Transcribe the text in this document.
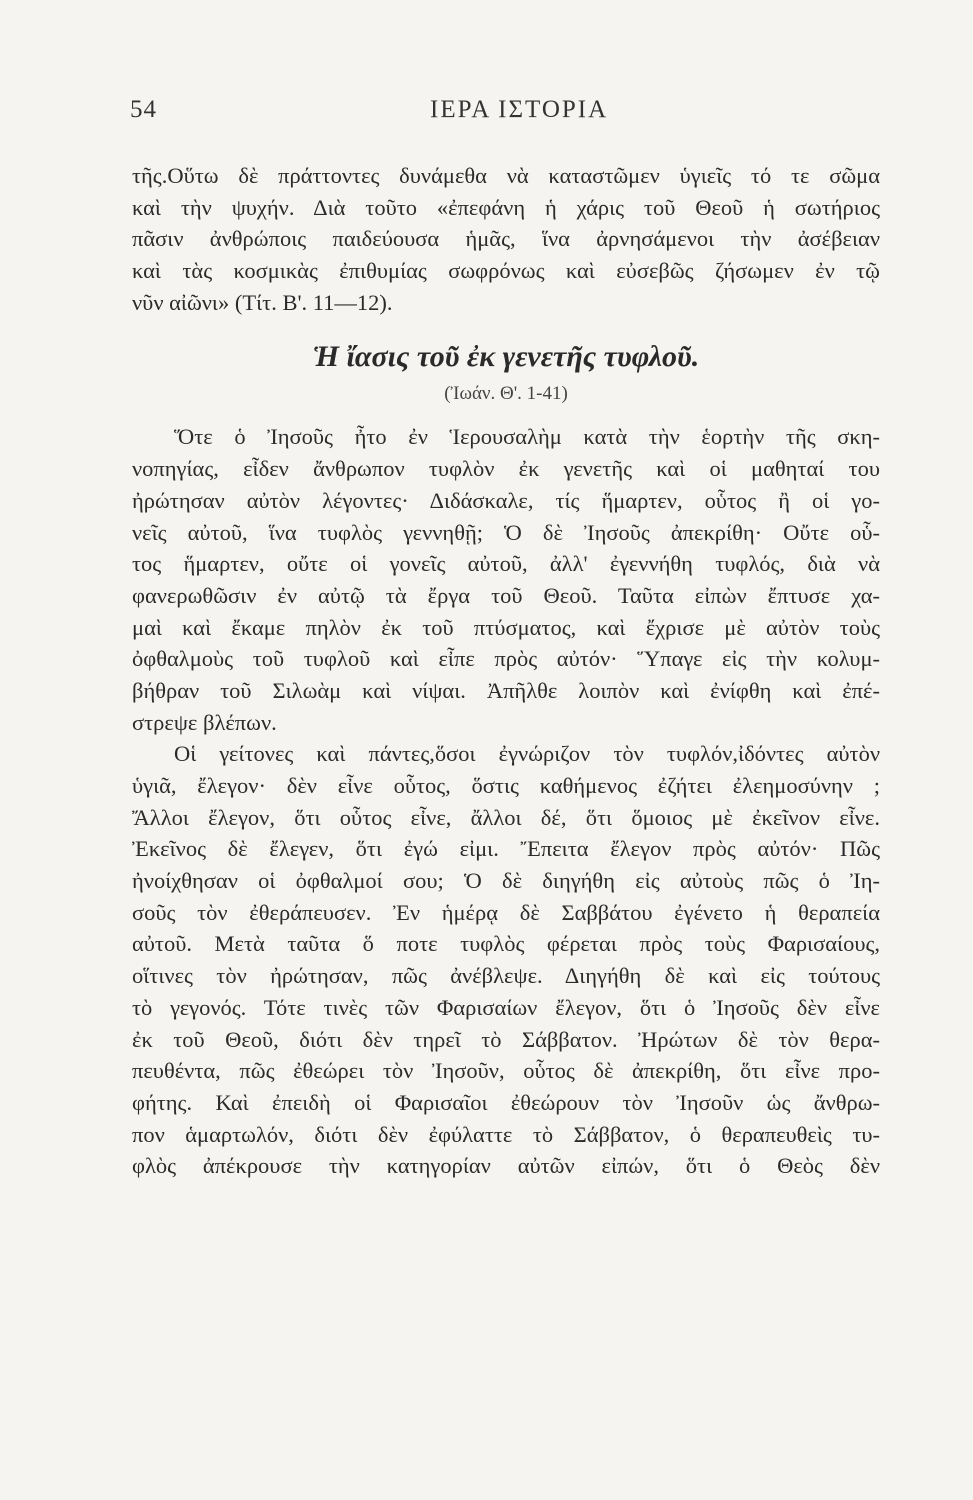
54	ΙΕΡΑ ΙΣΤΟΡΙΑ
τῆς.Οὕτω δὲ πράττοντες δυνάμεθα νὰ καταστῶμεν ὑγιεῖς τό τε σῶμα
καὶ τὴν ψυχήν. Διὰ τοῦτο «ἐπεφάνη ἡ χάρις τοῦ Θεοῦ ἡ σωτήριος
πᾶσιν ἀνθρώποις παιδεύουσα ἡμᾶς, ἵνα ἀρνησάμενοι τὴν ἀσέβειαν
καὶ τὰς κοσμικὰς ἐπιθυμίας σωφρόνως καὶ εὐσεβῶς ζήσωμεν ἐν τῷ
νῦν αἰῶνι» (Τίτ. Β'. 11—12).
Ἡ ἴασις τοῦ ἐκ γενετῆς τυφλοῦ.
(Ἰωάν. Θ'. 1-41)
Ὅτε ὁ Ἰησοῦς ἦτο ἐν Ἱερουσαλὴμ κατὰ τὴν ἑορτὴν τῆς σκη-
νοπηγίας, εἶδεν ἄνθρωπον τυφλὸν ἐκ γενετῆς καὶ οἱ μαθηταί του
ἠρώτησαν αὐτὸν λέγοντες· Διδάσκαλε, τίς ἥμαρτεν, οὗτος ἢ οἱ γο-
νεῖς αὐτοῦ, ἵνα τυφλὸς γεννηθῇ; Ὁ δὲ Ἰησοῦς ἀπεκρίθη· Οὔτε οὗ-
τος ἥμαρτεν, οὔτε οἱ γονεῖς αὐτοῦ, ἀλλ' ἐγεννήθη τυφλός, διὰ νὰ
φανερωθῶσιν ἐν αὐτῷ τὰ ἔργα τοῦ Θεοῦ. Ταῦτα εἰπὼν ἔπτυσε χα-
μαὶ καὶ ἔκαμε πηλὸν ἐκ τοῦ πτύσματος, καὶ ἔχρισε μὲ αὐτὸν τοὺς
ὀφθαλμοὺς τοῦ τυφλοῦ καὶ εἶπε πρὸς αὐτόν· Ὕπαγε εἰς τὴν κολυμ-
βήθραν τοῦ Σιλωὰμ καὶ νίψαι. Ἀπῆλθε λοιπὸν καὶ ἐνίφθη καὶ ἐπέ-
στρεψε βλέπων.
Οἱ γείτονες καὶ πάντες,ὅσοι ἐγνώριζον τὸν τυφλόν,ἰδόντες αὐτὸν
ὑγιᾶ, ἔλεγον· δὲν εἶνε οὗτος, ὅστις καθήμενος ἐζήτει ἐλεημοσύνην ;
Ἄλλοι ἔλεγον, ὅτι οὗτος εἶνε, ἄλλοι δέ, ὅτι ὅμοιος μὲ ἐκεῖνον εἶνε.
Ἐκεῖνος δὲ ἔλεγεν, ὅτι ἐγώ εἰμι. Ἔπειτα ἔλεγον πρὸς αὐτόν· Πῶς
ἠνοίχθησαν οἱ ὀφθαλμοί σου; Ὁ δὲ διηγήθη εἰς αὐτοὺς πῶς ὁ Ἰη-
σοῦς τὸν ἐθεράπευσεν. Ἐν ἡμέρᾳ δὲ Σαββάτου ἐγένετο ἡ θεραπεία
αὐτοῦ. Μετὰ ταῦτα ὅ ποτε τυφλὸς φέρεται πρὸς τοὺς Φαρισαίους,
οἵτινες τὸν ἠρώτησαν, πῶς ἀνέβλεψε. Διηγήθη δὲ καὶ εἰς τούτους
τὸ γεγονός. Τότε τινὲς τῶν Φαρισαίων ἔλεγον, ὅτι ὁ Ἰησοῦς δὲν εἶνε
ἐκ τοῦ Θεοῦ, διότι δὲν τηρεῖ τὸ Σάββατον. Ἠρώτων δὲ τὸν θερα-
πευθέντα, πῶς ἐθεώρει τὸν Ἰησοῦν, οὗτος δὲ ἀπεκρίθη, ὅτι εἶνε προ-
φήτης. Καὶ ἐπειδὴ οἱ Φαρισαῖοι ἐθεώρουν τὸν Ἰησοῦν ὡς ἄνθρω-
πον ἁμαρτωλόν, διότι δὲν ἐφύλαττε τὸ Σάββατον, ὁ θεραπευθεὶς τυ-
φλὸς ἀπέκρουσε τὴν κατηγορίαν αὐτῶν εἰπών, ὅτι ὁ Θεὸς δὲν
